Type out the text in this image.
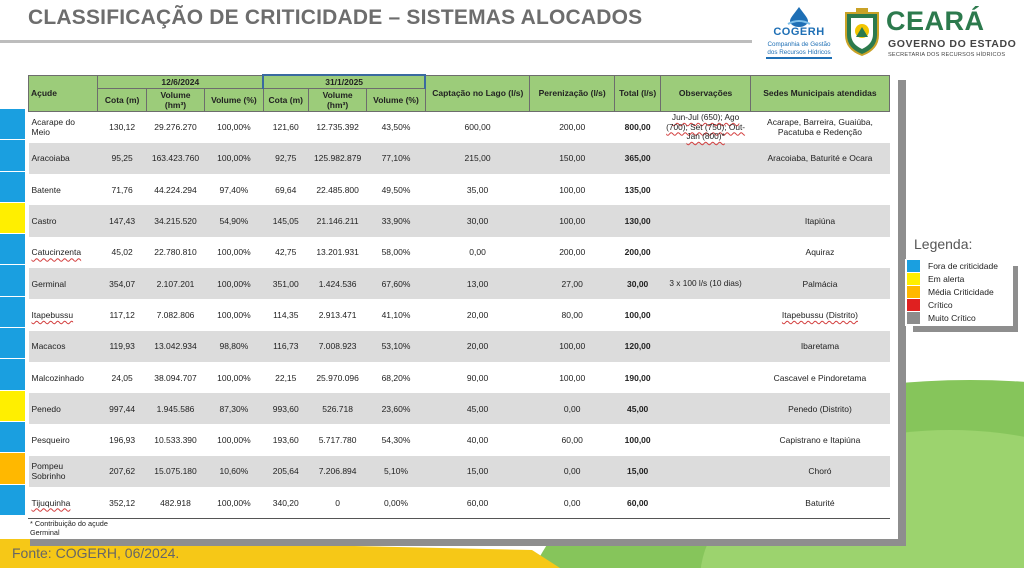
CLASSIFICAÇÃO DE CRITICIDADE – SISTEMAS ALOCADOS
COGERH
Companhia de Gestão
dos Recursos Hídricos
CEARÁ
GOVERNO DO ESTADO
SECRETARIA DOS RECURSOS HÍDRICOS
Açude	12/6/2024			31/1/2025			Captação no Lago (l/s)	Perenização (l/s)	Total (l/s)	Observações	Sedes Municipais atendidas
	Cota (m)	Volume (hm³)	Volume (%)	Cota (m)	Volume (hm³)	Volume (%)					
Acarape do Meio	130,12	29.276.270	100,00%	121,60	12.735.392	43,50%	600,00	200,00	800,00	Jun-Jul (650); Ago (700); Set (750); Out-Jan (800)*	Acarape, Barreira, Guaiúba, Pacatuba e Redenção
Aracoiaba	95,25	163.423.760	100,00%	92,75	125.982.879	77,10%	215,00	150,00	365,00		Aracoiaba, Baturité e Ocara
Batente	71,76	44.224.294	97,40%	69,64	22.485.800	49,50%	35,00	100,00	135,00		
Castro	147,43	34.215.520	54,90%	145,05	21.146.211	33,90%	30,00	100,00	130,00		Itapiúna
Catucinzenta	45,02	22.780.810	100,00%	42,75	13.201.931	58,00%	0,00	200,00	200,00		Aquiraz
Germinal	354,07	2.107.201	100,00%	351,00	1.424.536	67,60%	13,00	27,00	30,00	3 x 100 l/s (10 dias)	Palmácia
Itapebussu	117,12	7.082.806	100,00%	114,35	2.913.471	41,10%	20,00	80,00	100,00		Itapebussu (Distrito)
Macacos	119,93	13.042.934	98,80%	116,73	7.008.923	53,10%	20,00	100,00	120,00		Ibaretama
Malcozinhado	24,05	38.094.707	100,00%	22,15	25.970.096	68,20%	90,00	100,00	190,00		Cascavel e Pindoretama
Penedo	997,44	1.945.586	87,30%	993,60	526.718	23,60%	45,00	0,00	45,00		Penedo (Distrito)
Pesqueiro	196,93	10.533.390	100,00%	193,60	5.717.780	54,30%	40,00	60,00	100,00		Capistrano e Itapiúna
Pompeu Sobrinho	207,62	15.075.180	10,60%	205,64	7.206.894	5,10%	15,00	0,00	15,00		Choró
Tijuquinha	352,12	482.918	100,00%	340,20	0	0,00%	60,00	0,00	60,00		Baturité
* Contribuição do açude Germinal
Legenda:
Fora de criticidade
Em alerta
Média Criticidade
Crítico
Muito Crítico
Fonte: COGERH, 06/2024.
